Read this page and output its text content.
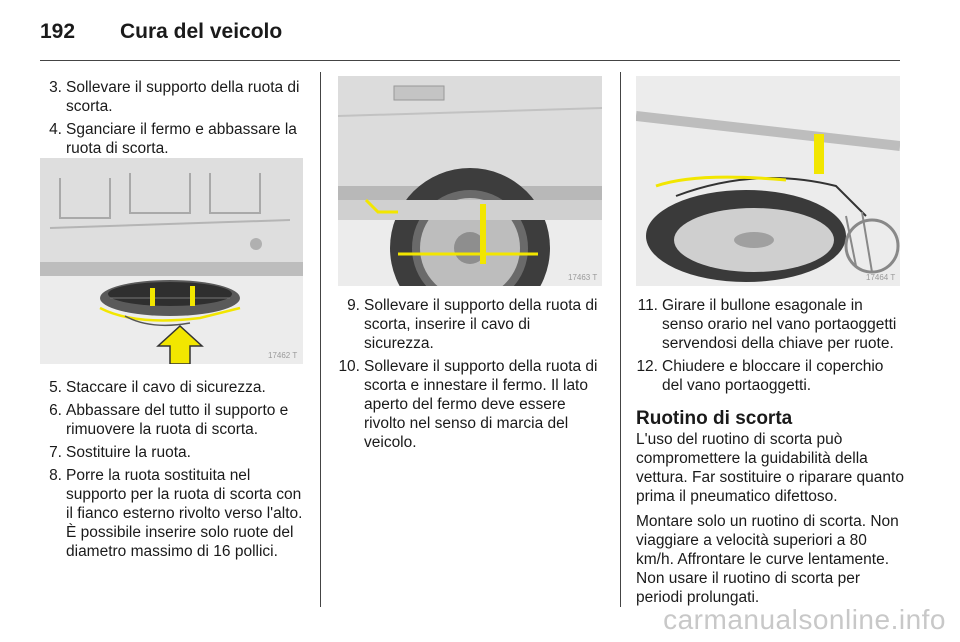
192	Cura del veicolo
3. Sollevare il supporto della ruota di scorta.
4. Sganciare il fermo e abbassare la ruota di scorta.
17462 T
5. Staccare il cavo di sicurezza.
6. Abbassare del tutto il supporto e rimuovere la ruota di scorta.
7. Sostituire la ruota.
8. Porre la ruota sostituita nel supporto per la ruota di scorta con il fianco esterno rivolto verso l'alto. È possibile inserire solo ruote del diametro massimo di 16 pollici.
17463 T
9. Sollevare il supporto della ruota di scorta, inserire il cavo di sicurezza.
10. Sollevare il supporto della ruota di scorta e innestare il fermo. Il lato aperto del fermo deve essere rivolto nel senso di marcia del veicolo.
17464 T
11. Girare il bullone esagonale in senso orario nel vano portaoggetti servendosi della chiave per ruote.
12. Chiudere e bloccare il coperchio del vano portaoggetti.
Ruotino di scorta

L'uso del ruotino di scorta può compromettere la guidabilità della vettura. Far sostituire o riparare quanto prima il pneumatico difettoso.

Montare solo un ruotino di scorta. Non viaggiare a velocità superiori a 80 km/h. Affrontare le curve lentamente. Non usare il ruotino di scorta per periodi prolungati.

carmanualsonline.info
